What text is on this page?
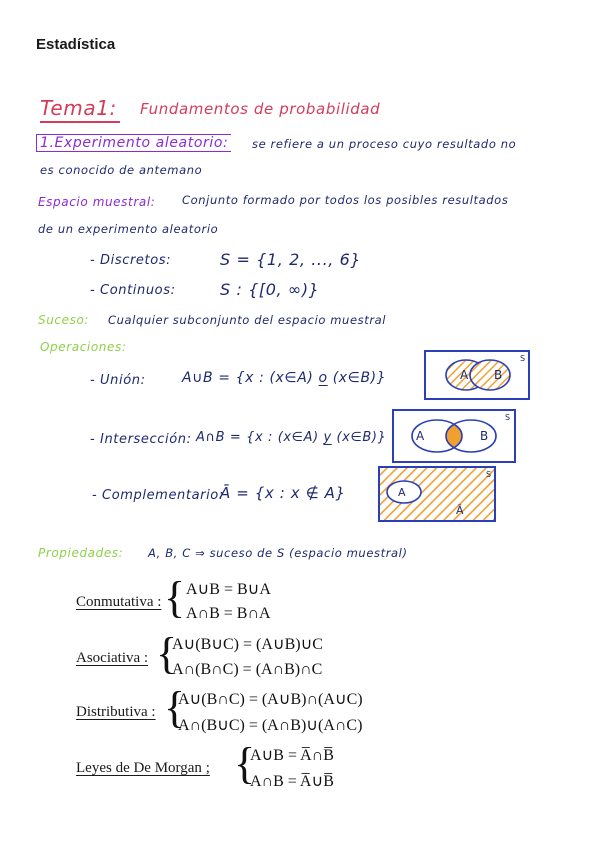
Estadística
Tema1: Fundamentos de probabilidad
1.Experimento aleatorio: se refiere a un proceso cuyo resultado no
es conocido de antemano
Espacio muestral: Conjunto formado por todos los posibles resultados
de un experimento aleatorio
- Discretos:	S = {1, 2, ..., 6}
- Continuos:	S : {[0, ∞)}
Suceso: Cualquier subconjunto del espacio muestral
Operaciones:
- Unión:	A∪B = {x : (x∈A) o (x∈B)}	A B
S
- Intersección: A∩B = {x : (x∈A) y (x∈B)} A	B
S
- Complementario:
Ā = {x : x ∉ A}	A
Ā
S
Propiedades: A, B, C ⇒ suceso de S (espacio muestral)
Conmutativa : { A∪B = B∪A
A∩B = B∩A
Asociativa : {
A∪(B∪C) = (A∪B)∪C
A∩(B∩C) = (A∩B)∩C
Distributiva : {
A∪(B∩C) = (A∪B)∩(A∪C)
A∩(B∪C) = (A∩B)∪(A∩C)
Leyes de De Morgan ; {
A∪B = A̅∩B̅
A∩B = A̅∪B̅
